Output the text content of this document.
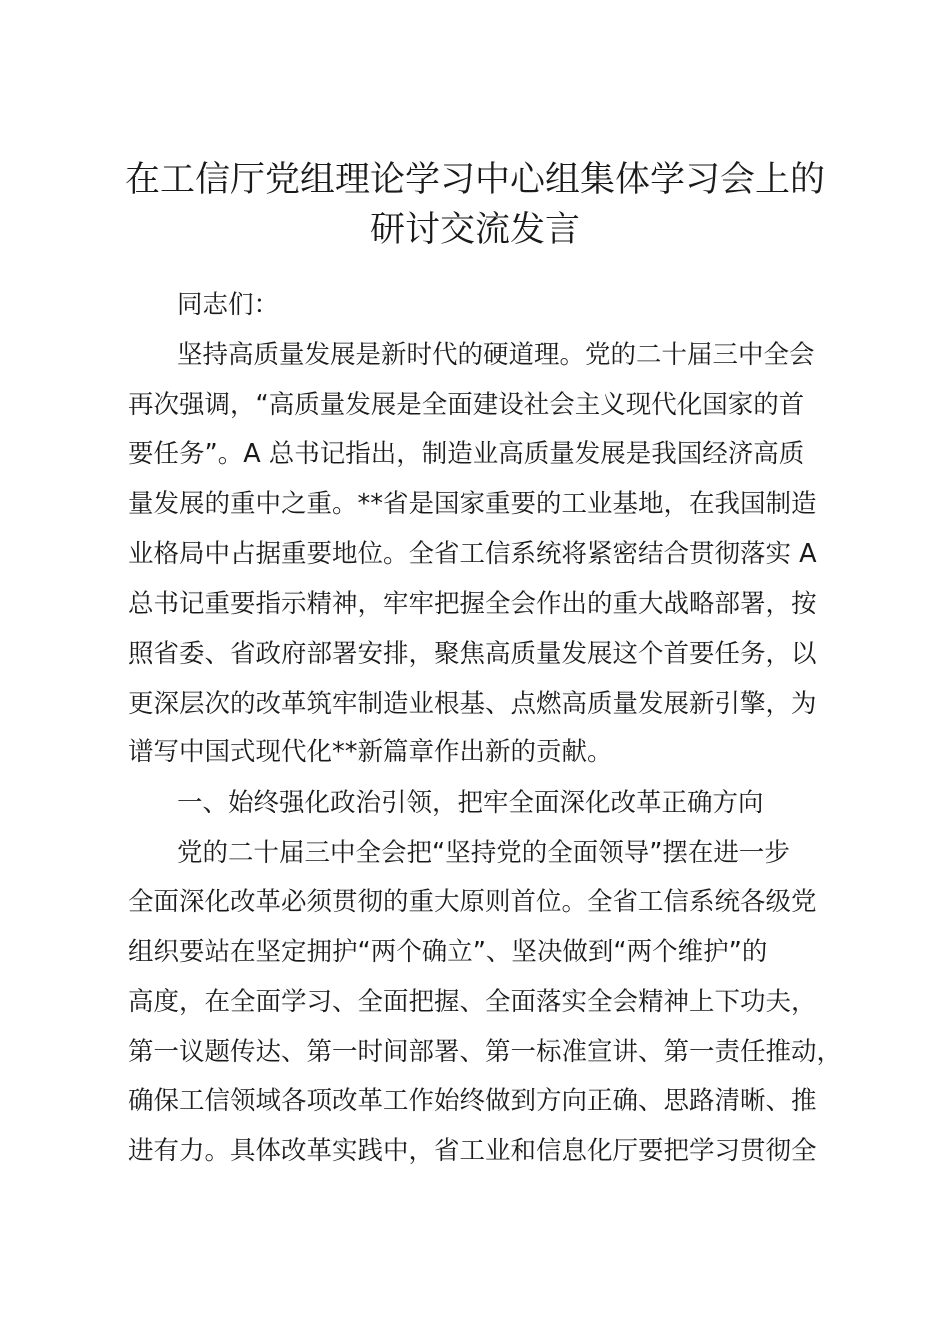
在工信厅党组理论学习中心组集体学习会上的
研讨交流发言

同志们：

坚持高质量发展是新时代的硬道理。党的二十届三中全会

再次强调，“高质量发展是全面建设社会主义现代化国家的首

要任务”。A 总书记指出，制造业高质量发展是我国经济高质

量发展的重中之重。**省是国家重要的工业基地，在我国制造

业格局中占据重要地位。全省工信系统将紧密结合贯彻落实 A

总书记重要指示精神，牢牢把握全会作出的重大战略部署，按

照省委、省政府部署安排，聚焦高质量发展这个首要任务，以

更深层次的改革筑牢制造业根基、点燃高质量发展新引擎，为

谱写中国式现代化**新篇章作出新的贡献。

一、始终强化政治引领，把牢全面深化改革正确方向

党的二十届三中全会把“坚持党的全面领导”摆在进一步

全面深化改革必须贯彻的重大原则首位。全省工信系统各级党

组织要站在坚定拥护“两个确立”、坚决做到“两个维护”的

高度，在全面学习、全面把握、全面落实全会精神上下功夫，

第一议题传达、第一时间部署、第一标准宣讲、第一责任推动，

确保工信领域各项改革工作始终做到方向正确、思路清晰、推

进有力。具体改革实践中，省工业和信息化厅要把学习贯彻全
